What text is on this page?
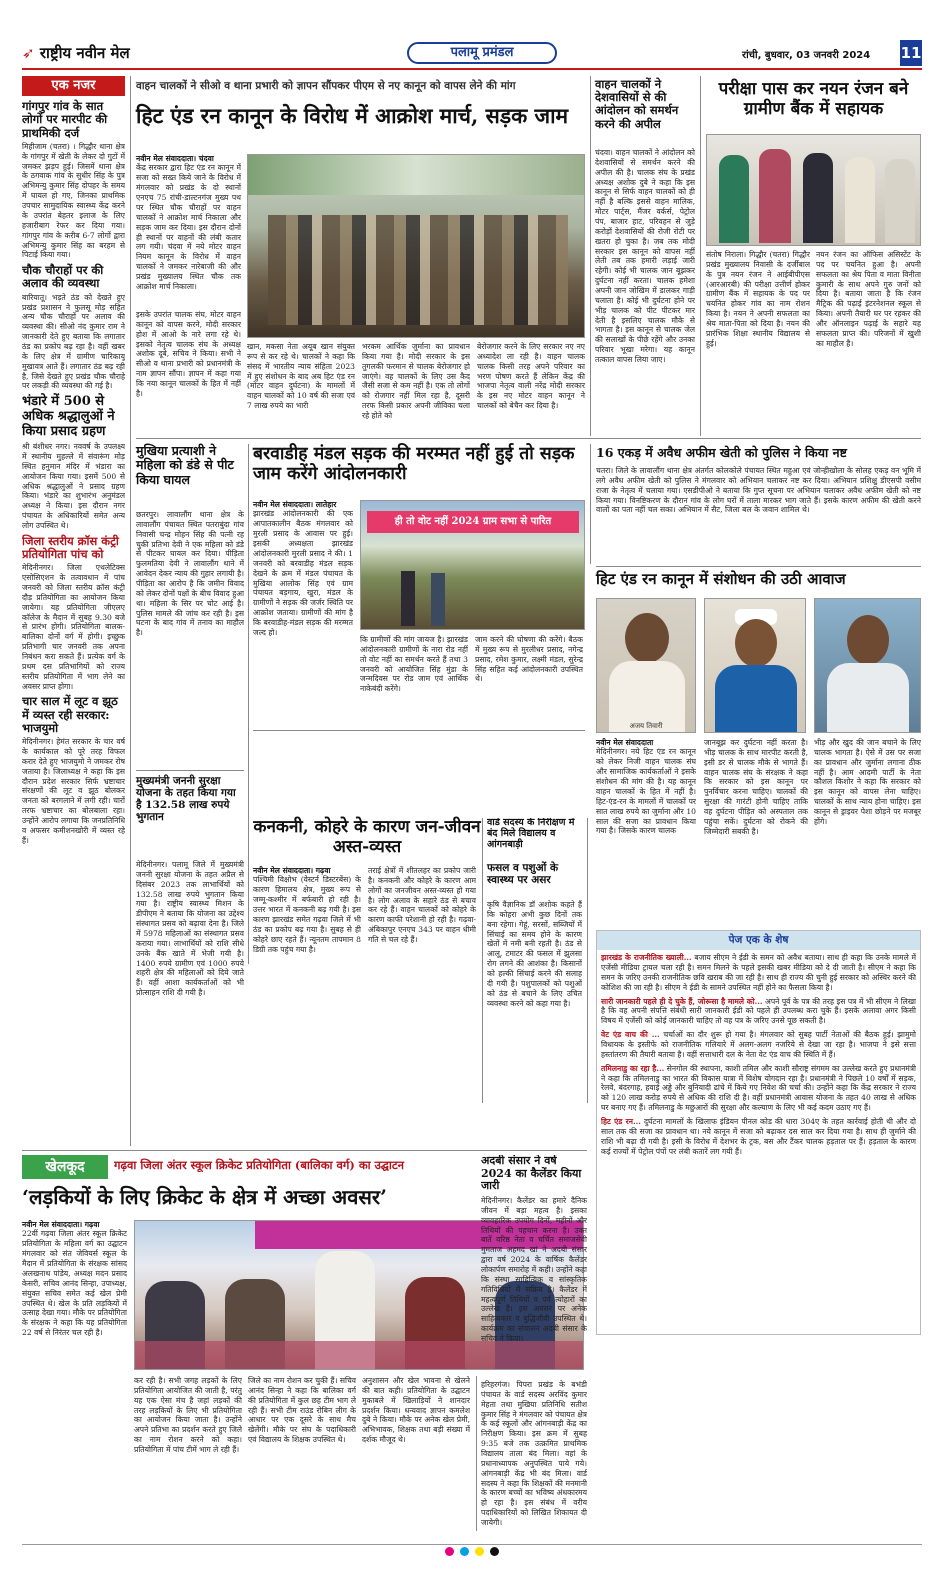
➶ राष्ट्रीय नवीन मेल	पलामू प्रमंडल	रांची, बुधवार, 03 जनवरी 2024 11
एक नजर
गांगपुर गांव के सात लोगों पर मारपीट की प्राथमिकी दर्ज
मिहीजाम (चतरा) । गिद्धौर थाना क्षेत्र के गांगपुर में खेती के लेकर दो गुटों में जमकर झड़प हुई। जिसमें थाना क्षेत्र के ठगवाक गांव के सुधीर सिंह के पुत्र अभिमन्यु कुमार सिंह दोपहर के समय में घायल हो गए, जिनका प्राथमिक उपचार सामुदायिक स्वास्थ्य केंद्र करने के उपरांत बेहतर इलाज के लिए हजारीबाग रेफर कर दिया गया। गांगपुर गांव के करीब 6-7 लोगों द्वारा अभिमन्यु कुमार सिंह का बरहम से पिटाई किया गया।
चौक चौराहों पर की अलाव की व्यवस्था
बारियातू। भड़ते ठंड को देखते हुए प्रखंड प्रशासन ने फुलसू मोड़ सहित अन्य चौक चौराहों पर अलाव की व्यवस्था की। सीओ नंद कुमार राम ने जानकारी देते हुए बताया कि लगातार ठंड का प्रकोप बढ़ रहा है। वहीं खबर के लिए क्षेत्र में ग्रामीण चारिकायू मुखावत्र आते हैं। लगातार ठंड बढ़ रही है, जिसे देखते हुए प्रखंड चौक चौराहे पर लकड़ी की व्यवस्था की गई है।
भंडारे में 500 से अधिक श्रद्धालुओं ने किया प्रसाद ग्रहण
श्री बंशीधर नगर। नववर्ष के उपलक्ष्य में स्थानीय मुहल्ले में संवारूंग मोड़ स्थित हनुमान मंदिर में भंडारा का आयोजन किया गया। इसमें 500 से अधिक श्रद्धालुओं ने प्रसाद ग्रहण किया। भंडारे का शुभारंभ अनुमंडल अध्यक्ष ने किया। इस दौरान नगर पंचायत के अधिकारियों समेत अन्य लोग उपस्थित थे।
जिला स्तरीय क्रॉस कंट्री प्रतियोगिता पांच को
मेदिनीनगर। जिला एथलेटिक्स एसोसिएशन के तत्वावधान में पांच जनवरी को जिला स्तरीय क्रॉस कंट्री दौड़ प्रतियोगिता का आयोजन किया जायेगा। यह प्रतियोगिता जीएलए कॉलेज के मैदान में सुबह 9.30 बजे से प्रारंभ होगी। प्रतियोगिता बालक-बालिका दोनों वर्ग में होगी। इच्छुक प्रतिभागी चार जनवरी तक अपना निबंधन करा सकते हैं। प्रत्येक वर्ग के प्रथम दस प्रतिभागियों को राज्य स्तरीय प्रतियोगिता में भाग लेने का अवसर प्राप्त होगा।
चार साल में लूट व झूठ में व्यस्त रही सरकार: भाजयुमो
मेदिनीनगर। हेमंत सरकार के चार वर्ष के कार्यकाल को पूरे तरह विफल करार देते हुए भाजयुमो ने जमकर रोष जताया है। जिलाध्यक्ष ने कहा कि इस दौरान प्रदेश सरकार सिर्फ भ्रष्टाचार संरक्षणों की लूट व झूठ बोलकर जनता को बरगलाने में लगी रही। चारों तरफ भ्रष्टाचार का बोलबाला रहा। उन्होंने आरोप लगाया कि जनप्रतिनिधि व अफसर कमीशनखोरी में व्यस्त रहे हैं।
वाहन चालकों ने सीओ व थाना प्रभारी को ज्ञापन सौंपकर पीएम से नए कानून को वापस लेने की मांग
हिट एंड रन कानून के विरोध में आक्रोश मार्च, सड़क जाम
नवीन मेल संवाददाता। चंदवा
केंद्र सरकार द्वारा हिट एंड रन कानून में सजा को सख्त किये जाने के विरोध में मंगलवार को प्रखंड के दो स्थानों एनएच 75 रांची-डाल्टनगंज मुख्य पथ पर स्थित चौक चौराहों पर वाहन चालकों ने आक्रोश मार्च निकाला और सड़क जाम कर दिया। इस दौरान दोनों ही स्थानों पर वाहनों की लंबी कतार लग गयी। चंदवा में नये मोटर वाहन नियम कानून के विरोध में वाहन चालकों ने जमकर नारेबाजी की और प्रखंड मुख्यालय स्थित चौक तक आक्रोश मार्च निकाला।
इसके उपरांत चालक संघ, मोटर वाहन कानून को वापस करने, मोदी सरकार होश में आओ के नारे लगा रहे थे। इसको नेतृत्व चालक संघ के अध्यक्ष अशोक दूबे, सचिव ने किया। सभी ने सीओ व थाना प्रभारी को प्रधानमंत्री के नाम ज्ञापन सौंपा। ज्ञापन में कहा गया कि नया कानून चालकों के हित में नहीं है।
खान, मकसा नेता अयूब खान संयुक्त रूप से कर रहे थे। चालकों ने कहा कि संसद में भारतीय न्याय संहिता 2023 में हुए संशोधन के बाद अब हिट एंड रन (मोटर वाहन दुर्घटना) के मामलों में वाहन चालकों को 10 वर्ष की सजा एवं 7 लाख रुपये का भारी
भरकम आर्थिक जुर्माना का प्रावधान किया गया है। मोदी सरकार के इस तुगलकी फरमान से चालक बेरोजगार हो जाएंगे। वह चालकों के लिए उस कैद जैसी सजा से कम नहीं है। एक तो लोगों को रोजगार नहीं मिल रहा है, दूसरी तरफ किसी प्रकार अपनी जीविका चला रहे होते को
बेरोजगार करने के लिए सरकार नए नए अध्यादेश ला रही है। वाहन चालक चालक किसी तरह अपने परिवार का भरण पोषण करते हैं लेकिन केंद्र की भाजपा नेतृत्व वाली नरेंद्र मोदी सरकार के इस नए मोटर वाहन कानून ने चालकों को बेचैन कर दिया है।
वाहन चालकों ने देशवासियों से की आंदोलन को समर्थन करने की अपील
चंदवा। वाहन चालकों ने आंदोलन को देशवासियों से समर्थन करने की अपील की है। चालक संघ के प्रखंड अध्यक्ष अशोक दुबे ने कहा कि इस कानून से सिर्फ वाहन चालकों को ही नहीं है बल्कि इससे वाहन मालिक, मोटर पार्ट्स, मैंजर वर्कर्स, पेट्रोल पंप, बाजार हाट, परिवहन से जुड़े करोड़ों देशवासियों की रोजी रोटी पर खतरा हो चुका है। जब तक मोदी सरकार इस कानून को वापस नहीं लेती तब तक हमारी लड़ाई जारी रहेगी। कोई भी चालक जान बूझकर दुर्घटना नहीं करता। चालक हमेशा अपनी जान जोखिम में डालकर गाड़ी चलाता है। कोई भी दुर्घटना होने पर भीड़ चालक को पीट पीटकर मार देती है इसलिए चालक मौके से भागता है। इस कानून से चालक जेल की सलाखों के पीछे रहेंगे और उनका परिवार भूखा मरेगा। यह कानून तत्काल वापस लिया जाए।
परीक्षा पास कर नयन रंजन बने ग्रामीण बैंक में सहायक
संतोष निराला। गिद्धौर (चतरा) गिद्धौर प्रखंड मुख्यालय निवासी के दर्जीबाल के पुत्र नयन रंजन ने आईबीपीएस (आरआरबी) की परीक्षा उत्तीर्ण होकर ग्रामीण बैंक में सहायक के पद पर चयनित होकर गांव का नाम रोशन किया है। नयन ने अपनी सफलता का श्रेय माता-पिता को दिया है। नयन की प्रारंभिक शिक्षा स्थानीय विद्यालय से हुई।
नयन रंजन का ऑफिस असिस्टेंट के पद पर चयनित हुआ है। अपनी सफलता का श्रेय पिता व माता विनीता कुमारी के साथ अपने गुरु जनों को दिया है। बताया जाता है कि रंजन मैट्रिक की पढ़ाई इंटरनेशनल स्कूल से किया। अपनी तैयारी घर पर रहकर की और ऑनलाइन पढ़ाई के सहारे यह सफलता प्राप्त की। परिजनों में खुशी का माहौल है।
मुखिया प्रत्याशी ने महिला को डंडे से पीट किया घायल
छतरपुर। लावालौंग थाना क्षेत्र के लावालौंग पंचायत स्थित पतराबुंदा गांव निवासी चन्द्र मोहन सिंह की पत्नी रह चुकी प्रतिभा देवी ने एक महिला को डंडे से पीटकर घायल कर दिया। पीड़िता फुलमतिया देवी ने लावालौंग थाने में आवेदन देकर न्याय की गुहार लगायी है। पीड़िता का आरोप है कि जमीन विवाद को लेकर दोनों पक्षों के बीच विवाद हुआ था। महिला के सिर पर चोट आई है। पुलिस मामले की जांच कर रही है। इस घटना के बाद गांव में तनाव का माहौल है।
बरवाडीह मंडल सड़क की मरम्मत नहीं हुई तो सड़क जाम करेंगे आंदोलनकारी
नवीन मेल संवाददाता। लातेहार
झारखंड आंदोलनकारी की एक आपातकालीन बैठक मंगलवार को मुरली प्रसाद के आवास पर हुई। इसकी अध्यक्षता झारखंड आंदोलनकारी मुरली प्रसाद ने की। 1 जनवरी को बरवाडीह मंडल सड़क देखने के क्रम में मंडल पंचायत के मुखिया आलोक सिंह एवं ग्राम पंचायत बड़गाय, खुरा, मंडल के ग्रामीणों ने सड़क की जर्जर स्थिति पर आक्रोश जताया। ग्रामीणों की मांग है कि बरवाडीह-मंडल सड़क की मरम्मत जल्द हो।
ही तो वोट नहीं 2024 ग्राम सभा से पारित
कि ग्रामीणों की मांग जायज है। झारखंड आंदोलनकारी ग्रामीणों के नारा रोड नहीं तो वोट नहीं का समर्थन करते हैं तथा 3 जनवरी को आयोजित सिंह मुंडा के जन्मदिवस पर रोड जाम एवं आर्थिक नाकेबंदी करेंगे।
जाम करने की घोषणा की करेंगे। बैठक में मुख्य रूप से मुरलीधर प्रसाद, नगेन्द्र प्रसाद, रमेश कुमार, लक्ष्मी मंडल, सुरेन्द्र सिंह सहित कई आंदोलनकारी उपस्थित थे।
16 एकड़ में अवैध अफीम खेती को पुलिस ने किया नष्ट
चतरा। जिले के लावालौंग थाना क्षेत्र अंतर्गत कोलकोले पंचायत स्थित महुआ एवं जोन्हीखोला के सोलह एकड़ वन भूमि में लगे अवैध अफीम खेती को पुलिस ने मंगलवार को अभियान चलाकर नष्ट कर दिया। अभियान प्रशिक्षु डीएसपी वसीम राजा के नेतृत्व में चलाया गया। एसडीपीओ ने बताया कि गुप्त सूचना पर अभियान चलाकर अवैध अफीम खेती को नष्ट किया गया। विनष्टिकरण के दौरान गांव के लोग घरों में ताला मारकर भाग जाते हैं। इसके कारण अफीम की खेती करने वालों का पता नहीं चल सका। अभियान में सैट, जिला बल के जवान शामिल थे।
हिट एंड रन कानून में संशोधन की उठी आवाज
अजय तिवारी
नवीन मेल संवाददाता
मेदिनीनगर। नये हिट एंड रन कानून को लेकर निजी वाहन चालक संघ और सामाजिक कार्यकर्ताओं ने इसके संशोधन की मांग की है। यह कानून वाहन चालकों के हित में नहीं है। हिट-एंड-रन के मामलों में चालकों पर सात लाख रुपये का जुर्माना और 10 साल की सजा का प्रावधान किया गया है। जिसके कारण चालक
जानबूझ कर दुर्घटना नहीं करता है। भीड़ चालक के साथ मारपीट करती है, इसी डर से चालक मौके से भागते हैं। वाहन चालक संघ के संरक्षक ने कहा कि सरकार को इस कानून पर पुनर्विचार करना चाहिए। चालकों की सुरक्षा की गारंटी होनी चाहिए ताकि वह दुर्घटना पीड़ित को अस्पताल तक पहुंचा सकें। दुर्घटना को रोकने की जिम्मेदारी सबकी है।
भीड़ और खुद की जान बचाने के लिए चालक भागता है। ऐसे में उस पर सजा का प्रावधान और जुर्माना लगाना ठीक नहीं है। आम आदमी पार्टी के नेता कौशल किशोर ने कहा कि सरकार को इस कानून को वापस लेना चाहिए। चालकों के साथ न्याय होना चाहिए। इस कानून से ड्राइवर पेशा छोड़ने पर मजबूर होंगे।
मुख्यमंत्री जननी सुरक्षा योजना के तहत किया गया है 132.58 लाख रुपये भुगतान
मेदिनीनगर। पलामू जिले में मुख्यमंत्री जननी सुरक्षा योजना के तहत अप्रैल से दिसंबर 2023 तक लाभार्थियों को 132.58 लाख रुपये भुगतान किया गया है। राष्ट्रीय स्वास्थ्य मिशन के डीपीएम ने बताया कि योजना का उद्देश्य संस्थागत प्रसव को बढ़ावा देना है। जिले में 5978 महिलाओं का संस्थागत प्रसव कराया गया। लाभार्थियों को राशि सीधे उनके बैंक खाते में भेजी गयी है। 1400 रुपये ग्रामीण एवं 1000 रुपये शहरी क्षेत्र की महिलाओं को दिये जाते हैं। वहीं आशा कार्यकर्ताओं को भी प्रोत्साहन राशि दी गयी है।
कनकनी, कोहरे के कारण जन-जीवन अस्त-व्यस्त
नवीन मेल संवाददाता। गढ़वा
पश्चिमी विक्षोभ (वेस्टर्न डिस्टरबेंस) के कारण हिमालय क्षेत्र, मुख्य रूप से जम्मू-कश्मीर में बर्फबारी हो रही है। उत्तर भारत में कनकनी बढ़ गयी है। इस कारण झारखंड समेत गढ़वा जिले में भी ठंड का प्रकोप बढ़ गया है। सुबह से ही कोहरे छाए रहते हैं। न्यूनतम तापमान 8 डिग्री तक पहुंच गया है।
तराई क्षेत्रों में शीतलहर का प्रकोप जारी है। कनकनी और कोहरे के कारण आम लोगों का जनजीवन अस्त-व्यस्त हो गया है। लोग अलाव के सहारे ठंड से बचाव कर रहे हैं। वाहन चालकों को कोहरे के कारण काफी परेशानी हो रही है। गढ़वा-अंबिकापुर एनएच 343 पर वाहन धीमी गति से चल रहे हैं।
फसल व पशुओं के स्वास्थ्य पर असर
कृषि वैज्ञानिक डॉ अशोक कहते हैं कि कोहरा अभी कुछ दिनों तक बना रहेगा। गेहूं, सरसों, सब्जियों में सिंचाई का समय होने के कारण खेतों में नमी बनी रहती है। ठंड से आलू, टमाटर की फसल में झुलसा रोग लगने की आशंका है। किसानों को हल्की सिंचाई करने की सलाह दी गयी है। पशुपालकों को पशुओं को ठंड से बचाने के लिए उचित व्यवस्था करने को कहा गया है।
पेज एक के शेष

झारखंड के राजनीतिक ख्याली... बजाय सीएम ने ईडी के समन को अवैध बताया। साथ ही कहा कि उनके मामले में एजेंसी मीडिया ट्रायल चला रही है। समन मिलने के पहले इसकी खबर मीडिया को दे दी जाती है। सीएम ने कहा कि समन के जरिए उनकी राजनीतिक छवि खराब की जा रही है। साथ ही राज्य की चुनी हुई सरकार को अस्थिर करने की कोशिश की जा रही है। सीएम ने ईडी के सामने उपस्थित नहीं होने का फैसला किया है।

सारी जानकारी पहले ही दे चुके हैं, जोरूसा है मामले को... अपने पूर्व के पत्र की तरह इस पत्र में भी सीएम ने लिखा है कि वह अपनी संपत्ति संबंधी सारी जानकारी ईडी को पहले ही उपलब्ध करा चुके हैं। इसके अलावा अगर किसी विषय में एजेंसी को कोई जानकारी चाहिए तो वह पत्र के जरिए उनसे पूछ सकती है।

वेट एंड वाच की ... चर्चाओं का दौर शुरू हो गया है। मंगलवार को सुबह पार्टी नेताओं की बैठक हुई। झामुमो विधायक के इस्तीफे को राजनीतिक गलियारे में अलग-अलग नजरिये से देखा जा रहा है। भाजपा ने इसे सत्ता हस्तांतरण की तैयारी बताया है। वहीं सत्ताधारी दल के नेता वेट एंड वाच की स्थिति में हैं।

तमिलनाडु का रहा है... सेनगोल की स्थापना, काशी तमिल और काशी सौराष्ट्र संगमम का उल्लेख करते हुए प्रधानमंत्री ने कहा कि तमिलनाडु का भारत की विकास यात्रा में विशेष योगदान रहा है। प्रधानमंत्री ने पिछले 10 वर्षों में सड़क, रेलवे, बंदरगाह, हवाई अड्डे और बुनियादी ढांचे में किये गए निवेश की चर्चा की। उन्होंने कहा कि केंद्र सरकार ने राज्य को 120 लाख करोड़ रुपये से अधिक की राशि दी है। वहीं प्रधानमंत्री आवास योजना के तहत 40 लाख से अधिक घर बनाए गए हैं। तमिलनाडु के मछुआरों की सुरक्षा और कल्याण के लिए भी कई कदम उठाए गए हैं।

हिट एंड रन... दुर्घटना मामलों के खिलाफ इंडियन पीनल कोड की धारा 304ए के तहत कार्रवाई होती थी और दो साल तक की सजा का प्रावधान था। नये कानून में सजा को बढ़ाकर दस साल कर दिया गया है। साथ ही जुर्माने की राशि भी बढ़ा दी गयी है। इसी के विरोध में देशभर के ट्रक, बस और टैंकर चालक हड़ताल पर हैं। हड़ताल के कारण कई राज्यों में पेट्रोल पंपों पर लंबी कतारें लग गयी हैं।

खेलकूद	गढ़वा जिला अंतर स्कूल क्रिकेट प्रतियोगिता (बालिका वर्ग) का उद्घाटन
‘लड़कियों के लिए क्रिकेट के क्षेत्र में अच्छा अवसर’
नवीन मेल संवाददाता। गढ़वा
22वीं गढ़वा जिला अंतर स्कूल क्रिकेट प्रतियोगिता के महिला वर्ग का उद्घाटन मंगलवार को संत जेवियर्स स्कूल के मैदान में प्रतियोगिता के संरक्षक सांसद अलखनाथ पांडेय, अध्यक्ष मदन प्रसाद केसरी, सचिव आनंद सिन्हा, उपाध्यक्ष, संयुक्त सचिव समेत कई खेल प्रेमी उपस्थित थे। खेल के प्रति लड़कियों में उत्साह देखा गया। मौके पर प्रतियोगिता के संरक्षक ने कहा कि यह प्रतियोगिता 22 वर्ष से निरंतर चल रही है।
कर रही है। सभी जगह लड़कों के लिए प्रतियोगिता आयोजित की जाती है, परंतु यह एक ऐसा मंच है जहां लड़कों की तरह लड़कियों के लिए भी प्रतियोगिता का आयोजन किया जाता है। उन्होंने अपने प्रतिभा का प्रदर्शन करते हुए जिले का नाम रोशन करने को कहा। प्रतियोगिता में पांच टीमें भाग ले रही हैं।
जिले का नाम रोशन कर चुकी हैं। सचिव आनंद सिन्हा ने कहा कि बालिका वर्ग की प्रतियोगिता में कुल छह टीम भाग ले रही हैं। सभी टीम राउंड रोबिन लीग के आधार पर एक दूसरे के साथ मैच खेलेंगी। मौके पर संघ के पदाधिकारी एवं विद्यालय के शिक्षक उपस्थित थे।
अनुशासन और खेल भावना से खेलने की बात कही। प्रतियोगिता के उद्घाटन मुकाबले में खिलाड़ियों ने शानदार प्रदर्शन किया। धन्यवाद ज्ञापन कमलेश दुबे ने किया। मौके पर अनेक खेल प्रेमी, अभिभावक, शिक्षक तथा बड़ी संख्या में दर्शक मौजूद थे।
वार्ड सदस्य के निरीक्षण में बंद मिले विद्यालय व आंगनबाड़ी
अदबी संसार ने वर्ष 2024 का कैलेंडर किया जारी
मेदिनीनगर। कैलेंडर का हमारे दैनिक जीवन में बड़ा महत्व है। इसका व्यावहारिक उपयोग दिनों, महीनों और तिथियों की पहचान करना है। उक्त बातें वरिष्ठ नेता व चर्चित समाजसेवी मुमताज अहमद खां ने अदबी संसार द्वारा वर्ष 2024 के वार्षिक कैलेंडर लोकार्पण समारोह में कही। उन्होंने कहा कि संस्था साहित्यिक व सांस्कृतिक गतिविधियों में सक्रिय है। कैलेंडर में महत्वपूर्ण तिथियों व पर्व त्योहारों का उल्लेख है। इस अवसर पर अनेक साहित्यकार व बुद्धिजीवी उपस्थित थे। कार्यक्रम का संचालन अदबी संसार के सचिव ने किया।
हरिहरगंज। पिपरा प्रखंड के बभंडी पंचायत के वार्ड सदस्य अरविंद कुमार मेहता तथा मुखिया प्रतिनिधि सतीश कुमार सिंह ने मंगलवार को पंचायत क्षेत्र के कई स्कूलों और आंगनबाड़ी केंद्र का निरीक्षण किया। इस क्रम में सुबह 9:35 बजे तक उत्क्रमित प्राथमिक विद्यालय ताला बंद मिला। वहां के प्रधानाध्यापक अनुपस्थित पाये गये। आंगनबाड़ी केंद्र भी बंद मिला। वार्ड सदस्य ने कहा कि शिक्षकों की मनमानी के कारण बच्चों का भविष्य अंधकारमय हो रहा है। इस संबंध में वरीय पदाधिकारियों को लिखित शिकायत दी जायेगी।
